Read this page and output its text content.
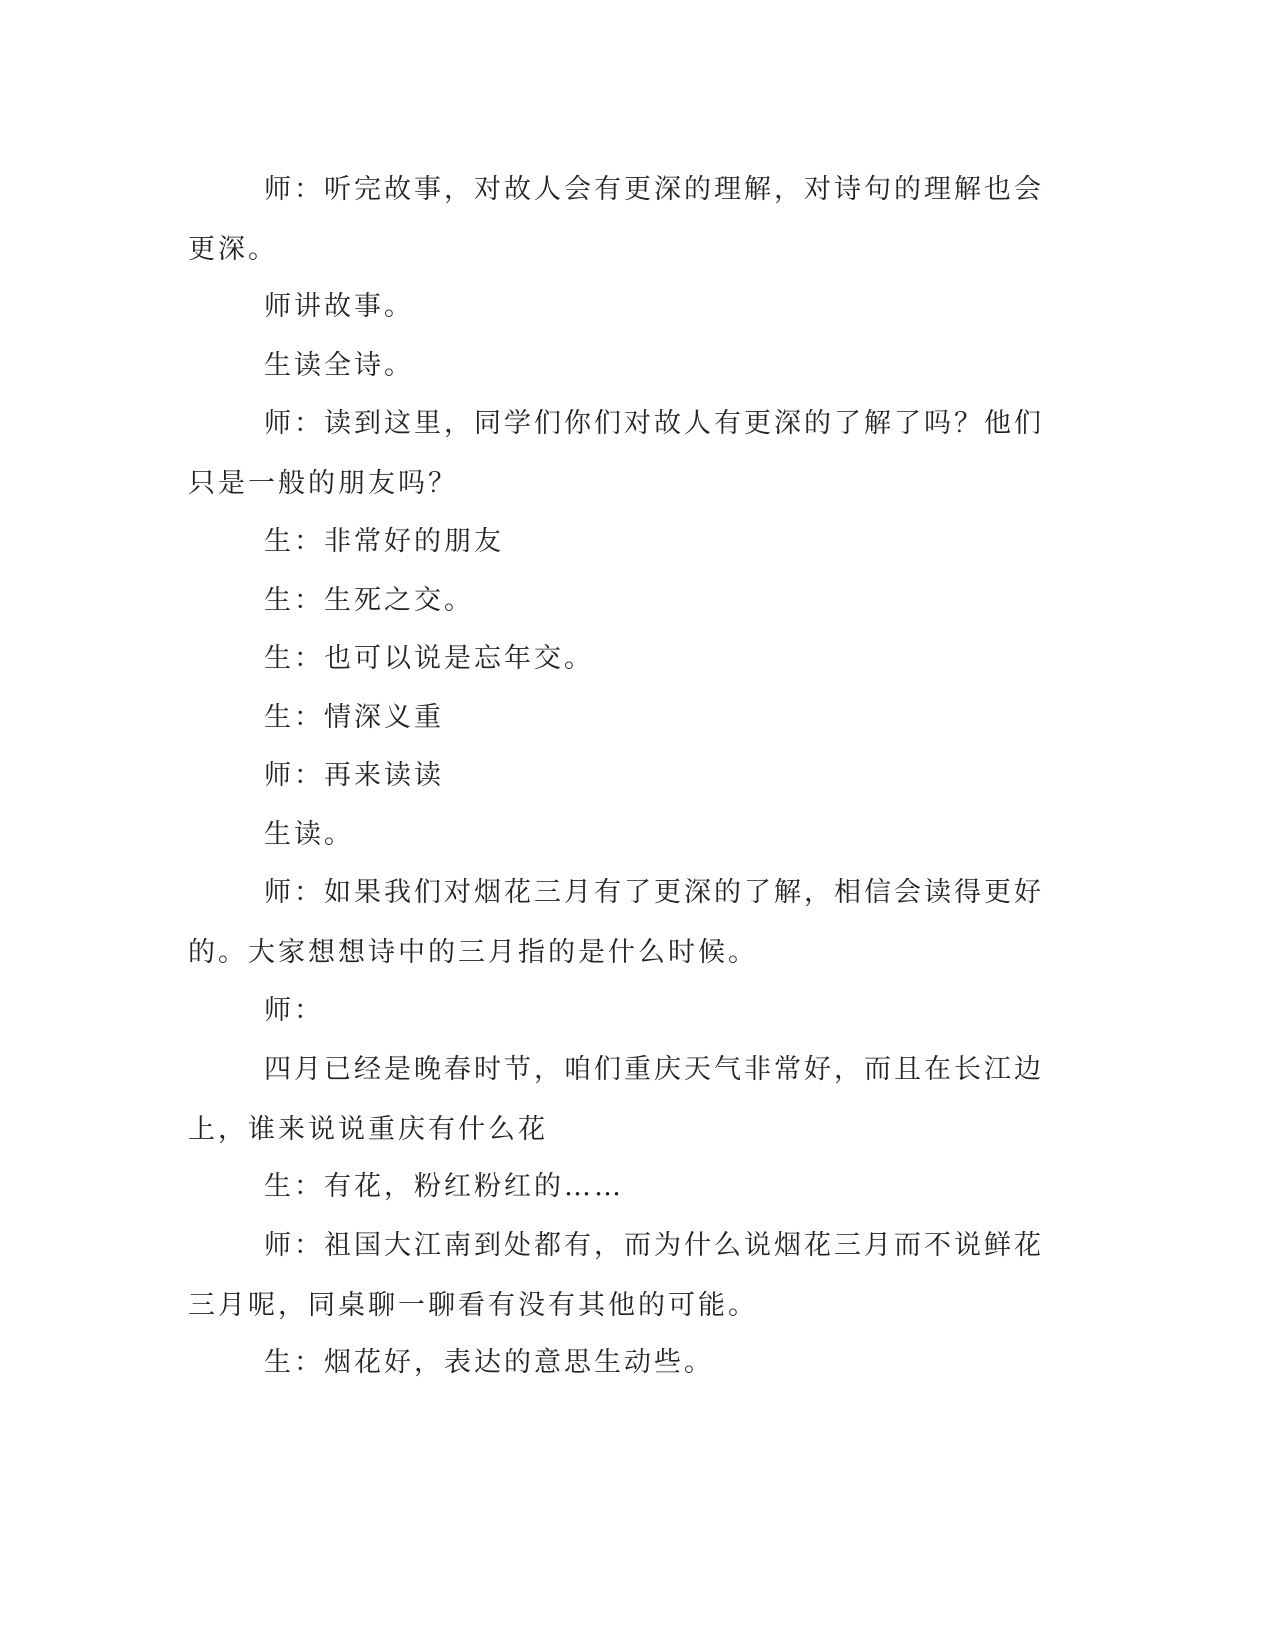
师：听完故事，对故人会有更深的理解，对诗句的理解也会更深。

师讲故事。

生读全诗。

师：读到这里，同学们你们对故人有更深的了解了吗？他们只是一般的朋友吗？

生：非常好的朋友

生：生死之交。

生：也可以说是忘年交。

生：情深义重

师：再来读读

生读。

师：如果我们对烟花三月有了更深的了解，相信会读得更好的。大家想想诗中的三月指的是什么时候。

师：

四月已经是晚春时节，咱们重庆天气非常好，而且在长江边上，谁来说说重庆有什么花

生：有花，粉红粉红的……

师：祖国大江南到处都有，而为什么说烟花三月而不说鲜花三月呢，同桌聊一聊看有没有其他的可能。

生：烟花好，表达的意思生动些。
